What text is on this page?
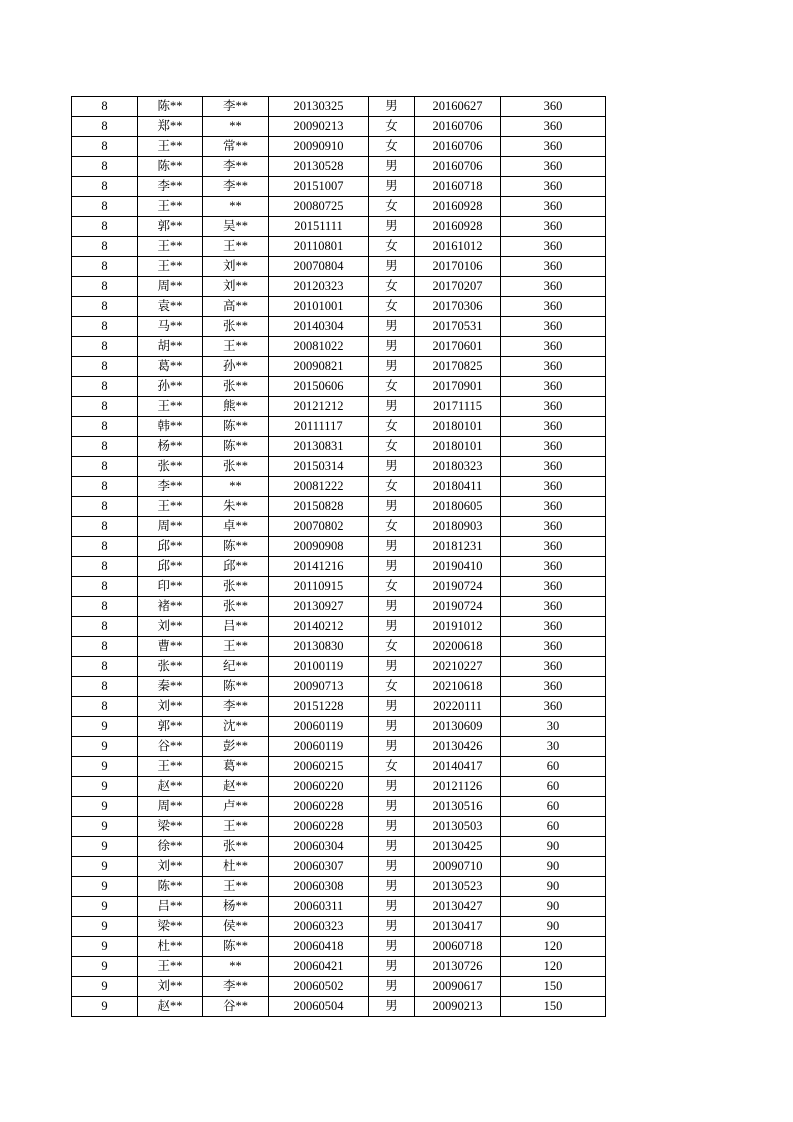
8	陈**	李**	20130325	男	20160627	360
8	郑**	**	20090213	女	20160706	360
8	王**	常**	20090910	女	20160706	360
8	陈**	李**	20130528	男	20160706	360
8	李**	李**	20151007	男	20160718	360
8	王**	**	20080725	女	20160928	360
8	郭**	吴**	20151111	男	20160928	360
8	王**	王**	20110801	女	20161012	360
8	王**	刘**	20070804	男	20170106	360
8	周**	刘**	20120323	女	20170207	360
8	袁**	高**	20101001	女	20170306	360
8	马**	张**	20140304	男	20170531	360
8	胡**	王**	20081022	男	20170601	360
8	葛**	孙**	20090821	男	20170825	360
8	孙**	张**	20150606	女	20170901	360
8	王**	熊**	20121212	男	20171115	360
8	韩**	陈**	20111117	女	20180101	360
8	杨**	陈**	20130831	女	20180101	360
8	张**	张**	20150314	男	20180323	360
8	李**	**	20081222	女	20180411	360
8	王**	朱**	20150828	男	20180605	360
8	周**	卓**	20070802	女	20180903	360
8	邱**	陈**	20090908	男	20181231	360
8	邱**	邱**	20141216	男	20190410	360
8	印**	张**	20110915	女	20190724	360
8	褚**	张**	20130927	男	20190724	360
8	刘**	吕**	20140212	男	20191012	360
8	曹**	王**	20130830	女	20200618	360
8	张**	纪**	20100119	男	20210227	360
8	秦**	陈**	20090713	女	20210618	360
8	刘**	李**	20151228	男	20220111	360
9	郭**	沈**	20060119	男	20130609	30
9	谷**	彭**	20060119	男	20130426	30
9	王**	葛**	20060215	女	20140417	60
9	赵**	赵**	20060220	男	20121126	60
9	周**	卢**	20060228	男	20130516	60
9	梁**	王**	20060228	男	20130503	60
9	徐**	张**	20060304	男	20130425	90
9	刘**	杜**	20060307	男	20090710	90
9	陈**	王**	20060308	男	20130523	90
9	吕**	杨**	20060311	男	20130427	90
9	梁**	侯**	20060323	男	20130417	90
9	杜**	陈**	20060418	男	20060718	120
9	王**	**	20060421	男	20130726	120
9	刘**	李**	20060502	男	20090617	150
9	赵**	谷**	20060504	男	20090213	150
